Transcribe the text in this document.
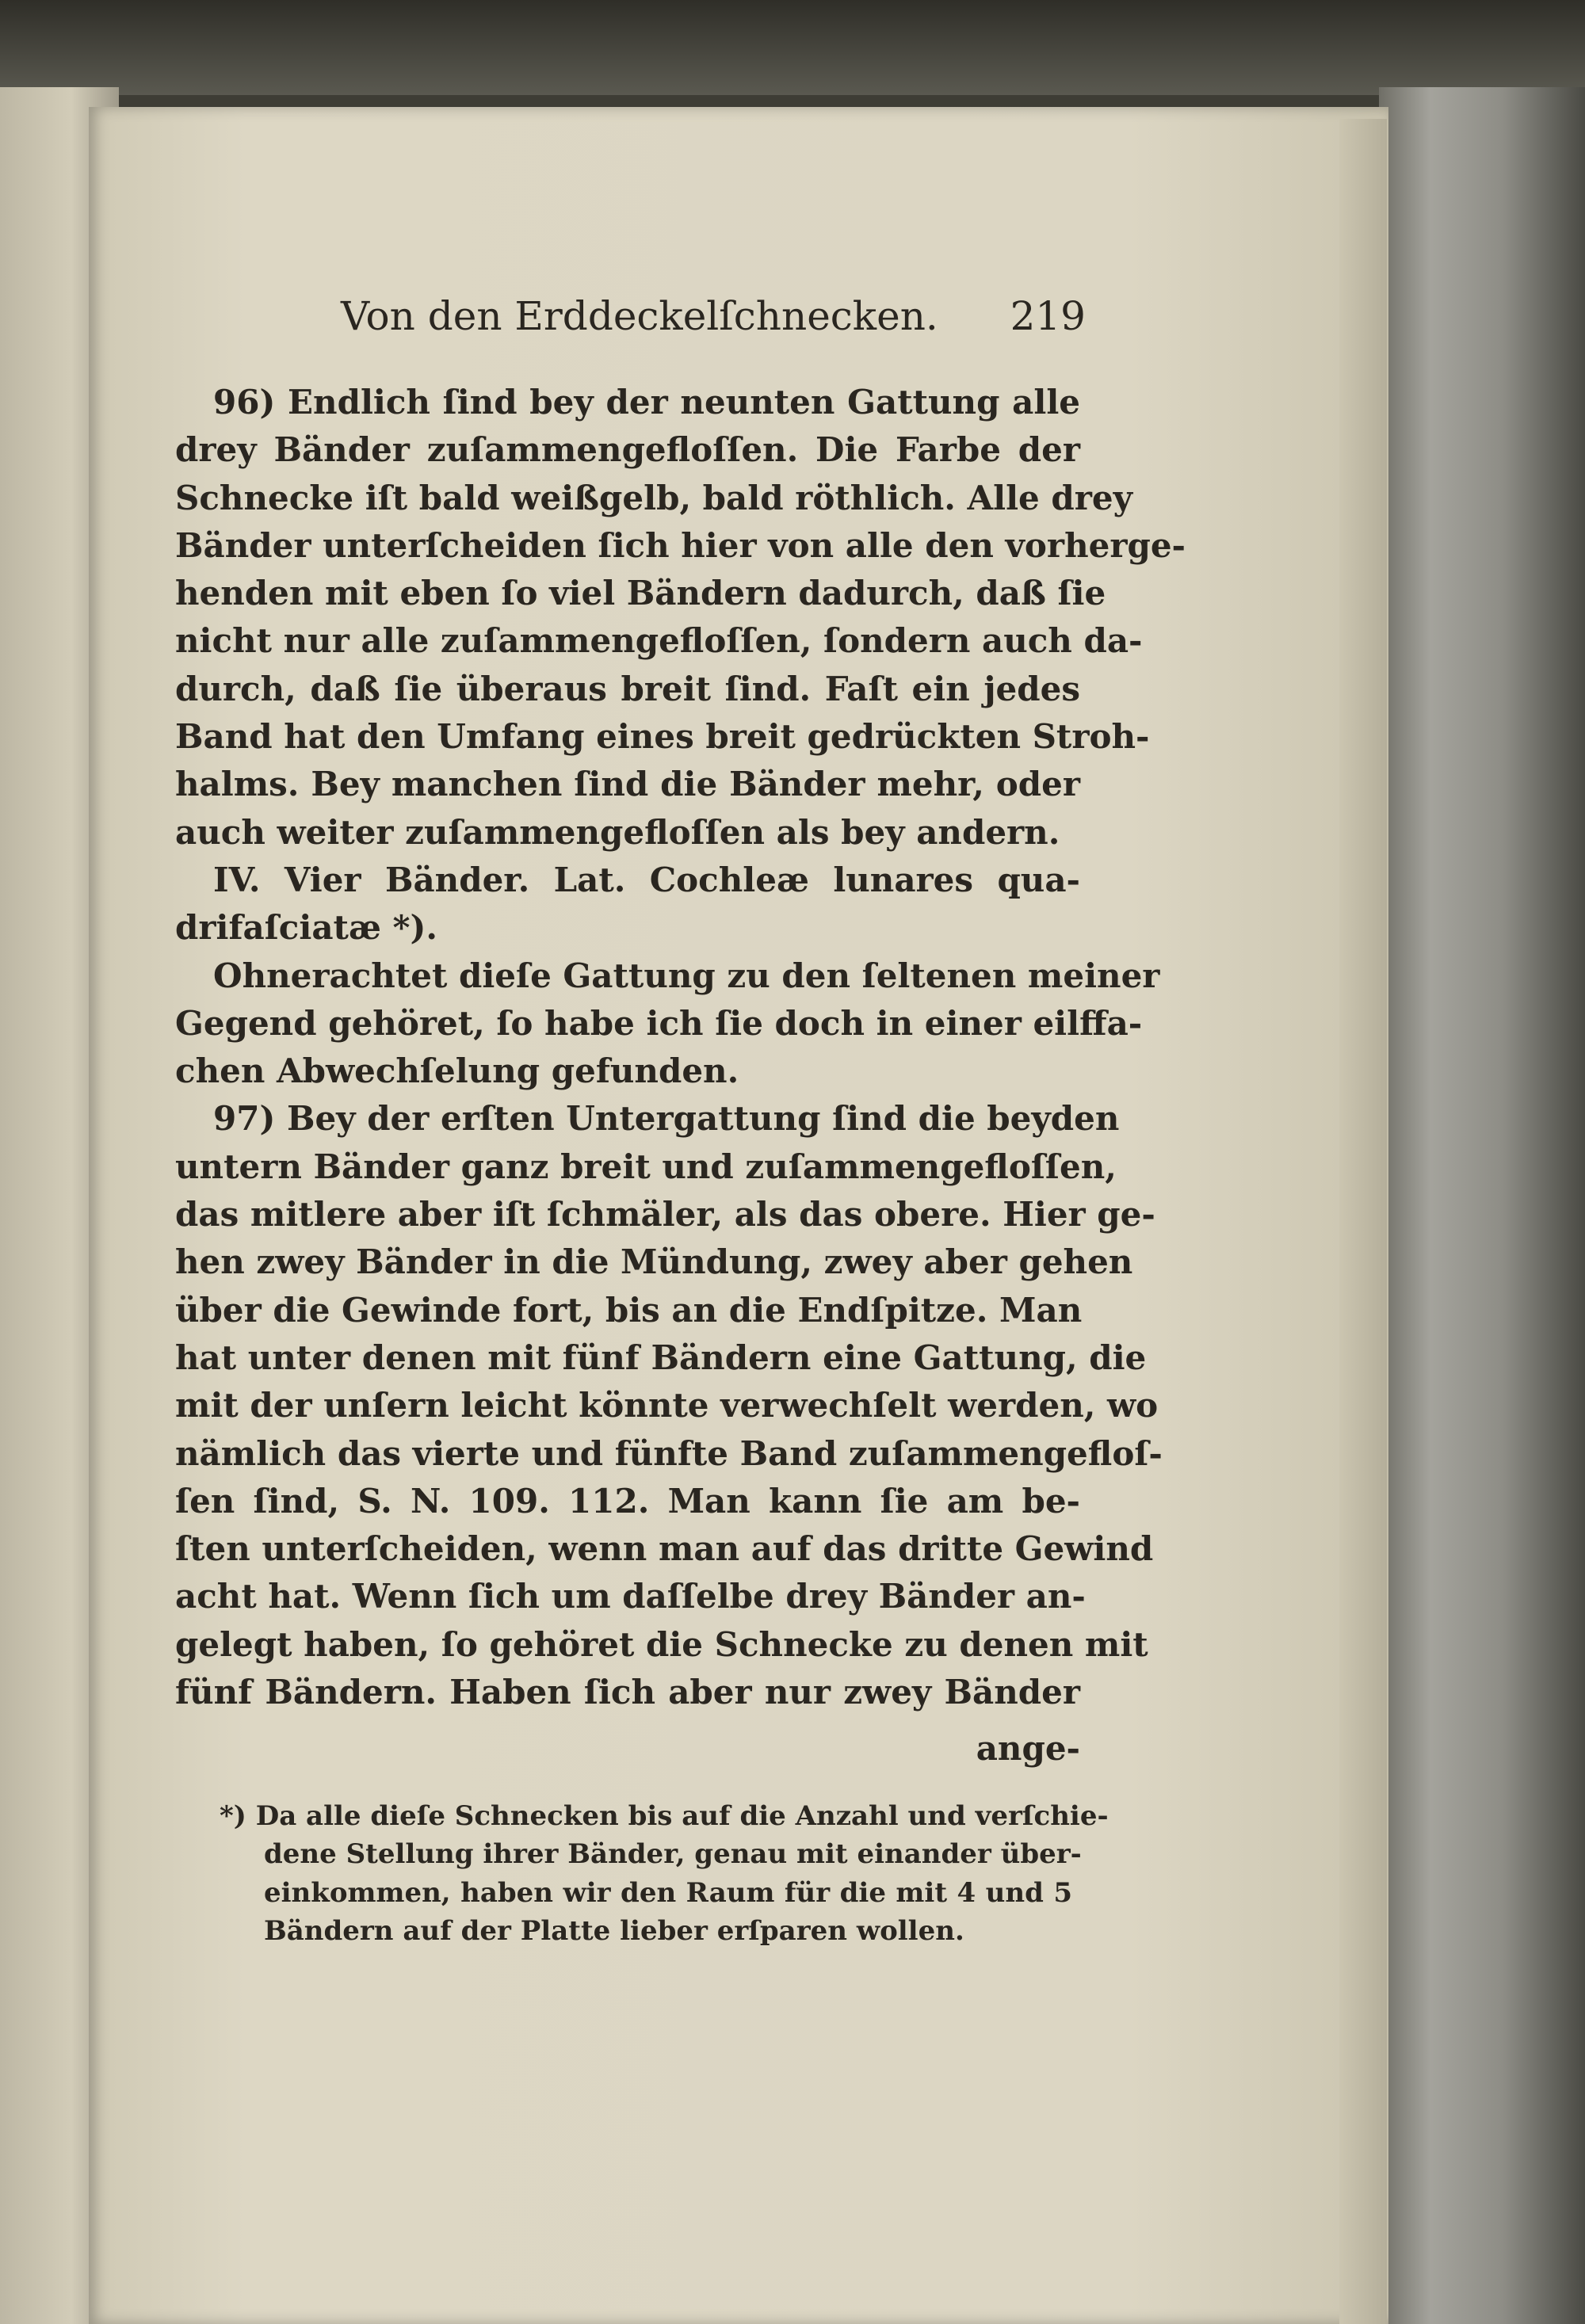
Von den Erddeckelſchnecken. 219
96) Endlich ſind bey der neunten Gattung alle
drey Bänder zuſammengefloſſen. Die Farbe der
Schnecke iſt bald weißgelb, bald röthlich. Alle drey
Bänder unterſcheiden ſich hier von alle den vorherge-
henden mit eben ſo viel Bändern dadurch, daß ſie
nicht nur alle zuſammengefloſſen, ſondern auch da-
durch, daß ſie überaus breit ſind. Faſt ein jedes
Band hat den Umfang eines breit gedrückten Stroh-
halms. Bey manchen ſind die Bänder mehr, oder
auch weiter zuſammengefloſſen als bey andern.
IV. Vier Bänder. Lat. Cochleæ lunares qua-
drifaſciatæ *).
Ohnerachtet dieſe Gattung zu den ſeltenen meiner
Gegend gehöret, ſo habe ich ſie doch in einer eilffa-
chen Abwechſelung gefunden.
97) Bey der erſten Untergattung ſind die beyden
untern Bänder ganz breit und zuſammengefloſſen,
das mitlere aber iſt ſchmäler, als das obere. Hier ge-
hen zwey Bänder in die Mündung, zwey aber gehen
über die Gewinde fort, bis an die Endſpitze. Man
hat unter denen mit fünf Bändern eine Gattung, die
mit der unſern leicht könnte verwechſelt werden, wo
nämlich das vierte und fünfte Band zuſammengefloſ-
ſen ſind, S. N. 109. 112. Man kann ſie am be-
ſten unterſcheiden, wenn man auf das dritte Gewind
acht hat. Wenn ſich um daſſelbe drey Bänder an-
gelegt haben, ſo gehöret die Schnecke zu denen mit
fünf Bändern. Haben ſich aber nur zwey Bänder
ange-
*) Da alle dieſe Schnecken bis auf die Anzahl und verſchie-
dene Stellung ihrer Bänder, genau mit einander über-
einkommen, haben wir den Raum für die mit 4 und 5
Bändern auf der Platte lieber erſparen wollen.
